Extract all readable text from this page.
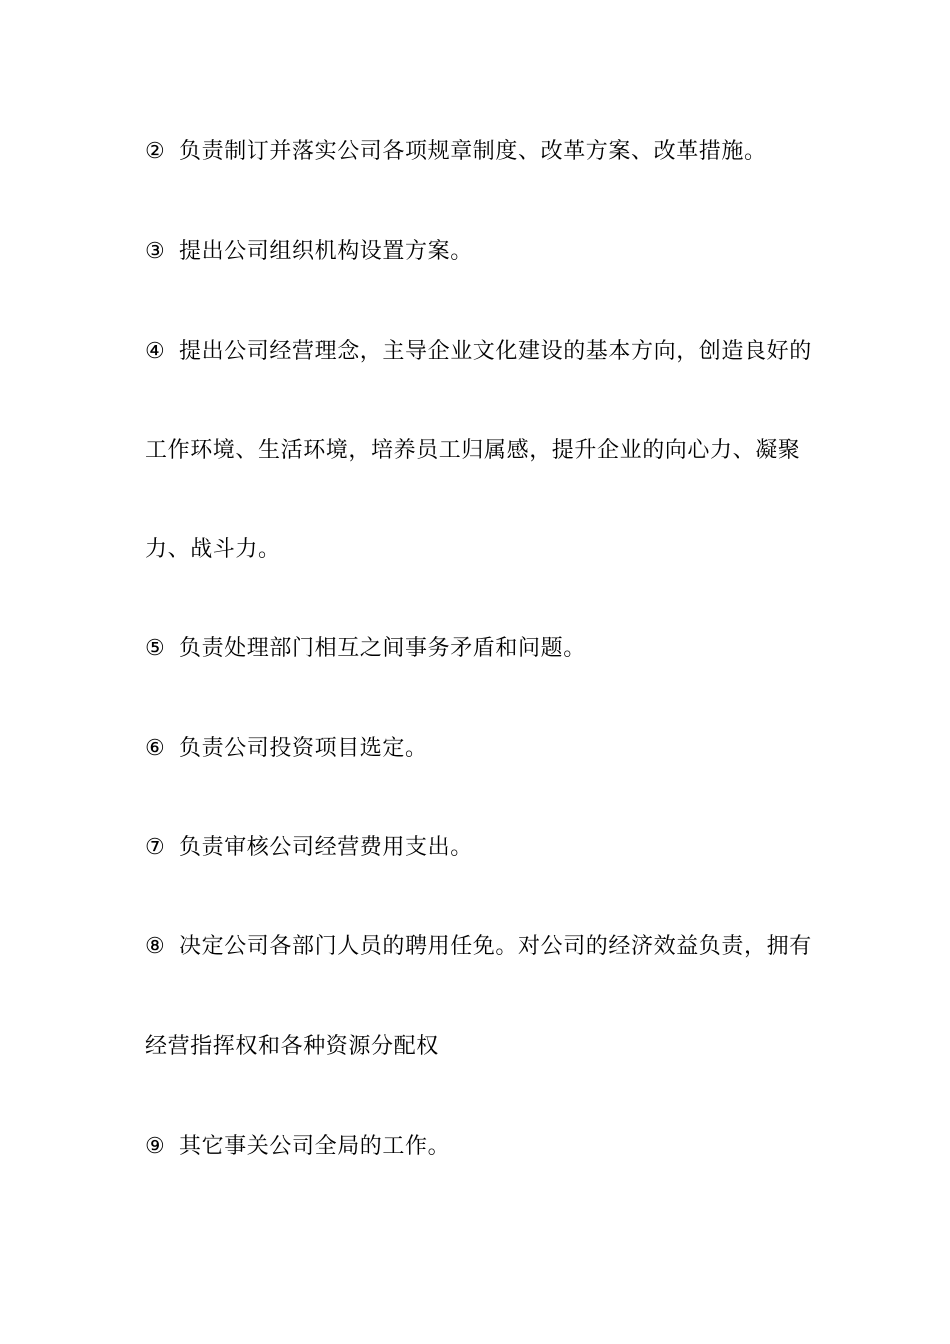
② 负责制订并落实公司各项规章制度、改革方案、改革措施。
③ 提出公司组织机构设置方案。
④ 提出公司经营理念，主导企业文化建设的基本方向，创造良好的
工作环境、生活环境，培养员工归属感，提升企业的向心力、凝聚
力、战斗力。
⑤ 负责处理部门相互之间事务矛盾和问题。
⑥ 负责公司投资项目选定。
⑦ 负责审核公司经营费用支出。
⑧ 决定公司各部门人员的聘用任免。对公司的经济效益负责，拥有
经营指挥权和各种资源分配权
⑨ 其它事关公司全局的工作。
